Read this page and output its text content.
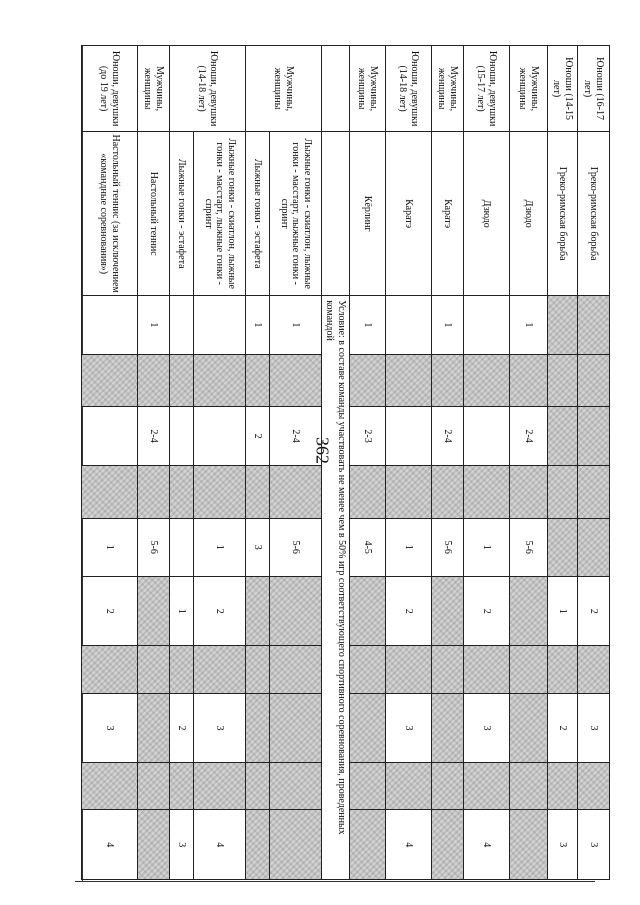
362
Юноши (16-17 лет)	Греко-римская борьба						2		3		3
Юноши (14-15 лет)	Греко-римская борьба						1		2		3
Мужчины, женщины	Дзюдо	1		2-4		5-6					
Юноши, девушки (15-17 лет)	Дзюдо					1	2		3		4
Мужчины, женщины	Каратэ	1		2-4		5-6					
Юноши, девушки (14-18 лет)	Каратэ					1	2		3		4
Мужчины, женщины	Кёрлинг	1		2-3		4-5					
		Условие: в составе команды участвовать не менее чем в 50% игр соответствующего спортивного соревнования, проведенных командой									
Мужчины, женщины	Лыжные гонки - скиатлон, лыжные гонки - масстарт, лыжные гонки - спринт	1		2-4		5-6					
	Лыжные гонки - эстафета	1		2		3					
Юноши, девушки (14-18 лет)	Лыжные гонки - скиатлон, лыжные гонки - масстарт, лыжные гонки - спринт					1	2		3		4
	Лыжные гонки - эстафета						1		2		3
Мужчины, женщины	Настольный теннис	1		2-4		5-6					
Юноши, девушки (до 19 лет)	Настольный теннис (за исключением «командные соревнования»)					1	2		3		4
